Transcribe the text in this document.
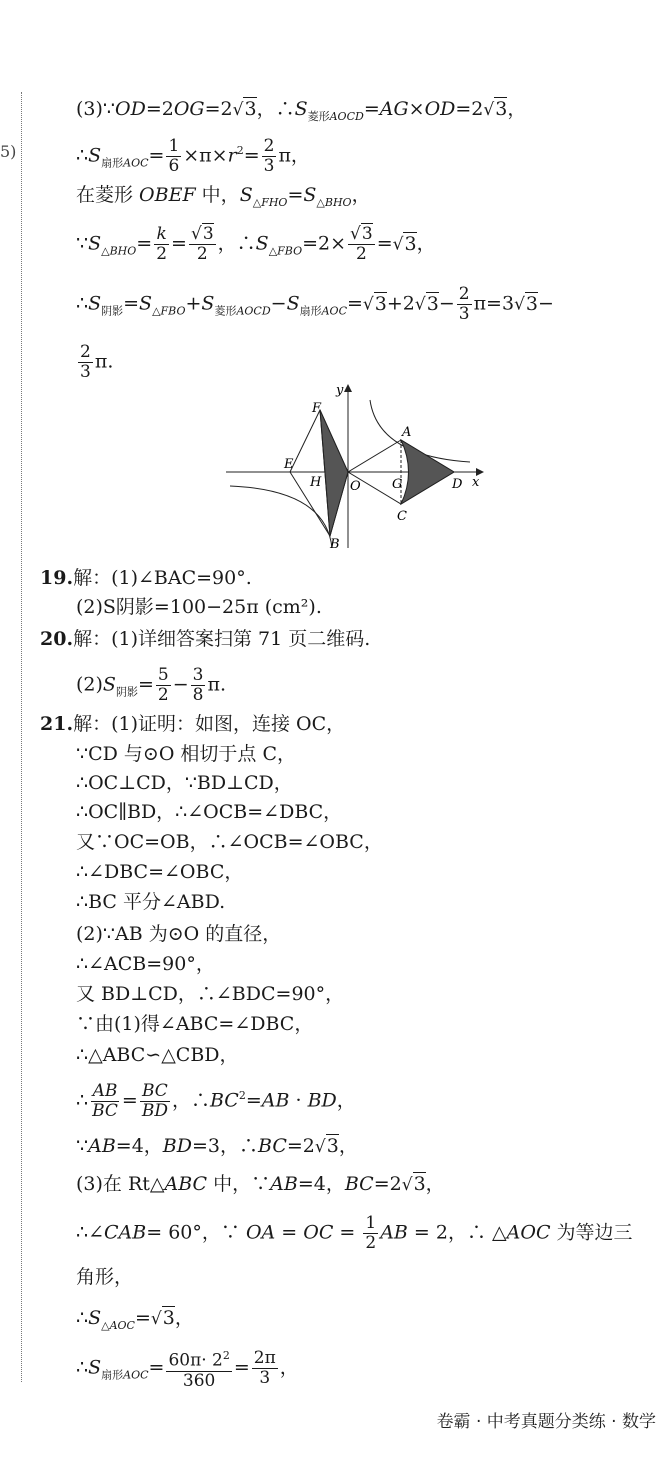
5)
(3)∵OD=2OG=2√3，$\therefore S_{菱形AOCD}=AG\times OD=2√3$，
$\therefore S_{扇形AOC}= \frac{1}{6} \times\pi\times r^2= \frac{2}{3}$ π，
在菱形 OBEF 中，$S_{\triangle FHO}=S_{\triangle BHO}$，
$\because S_{\triangle BHO}= \frac{k}{2} = \frac{√3}{2}$ ，$\therefore S_{\triangle FBO}=2\times \frac{√3}{2} =√3$，
$\therefore S_{阴影}=S_{\triangle FBO}+S_{菱形AOCD}-S_{扇形AOC}=√3+2√3- \frac{2}{3} \pi=3√3-$
$\frac{2}{3} \pi$.
F
E
H O
B
y
A
G
C
D x
19.解：(1)∠BAC=90°.
(2)S阴影=100−25π (cm²).
20.解：(1)详细答案扫第 71 页二维码.
$(2)S_{阴影}= \frac{5}{2} - \frac{3}{8} \pi$.
21.解：(1)证明：如图，连接 OC，
∵CD 与⊙O 相切于点 C，
∴OC⊥CD，∵BD⊥CD，
∴OC∥BD，∴∠OCB=∠DBC，
又∵OC=OB，∴∠OCB=∠OBC，
∴∠DBC=∠OBC，
∴BC 平分∠ABD.
(2)∵AB 为⊙O 的直径，
∴∠ACB=90°，
又 BD⊥CD，∴∠BDC=90°，
∵由(1)得∠ABC=∠DBC，
∴△ABC∽△CBD，
∴ $\frac{AB}{BC} = \frac{BC}{BD}$ ，$\therefore BC^2=AB$ · BD，
∵AB=4，BD=3，∴BC=2√3，
(3)在 Rt△ABC 中，∵AB=4，BC=2√3，
∴∠CAB= 60°，∵ OA = OC = $\frac{1}{2}$ AB = 2，∴ △AOC 为等边三
角形，
$\therefore S_{\triangle AOC}=√3$，
$\therefore S_{扇形AOC}= \frac{60\pi\cdot 2^2}{360} = \frac{2\pi}{3}$ ，
卷霸 · 中考真题分类练 · 数学
